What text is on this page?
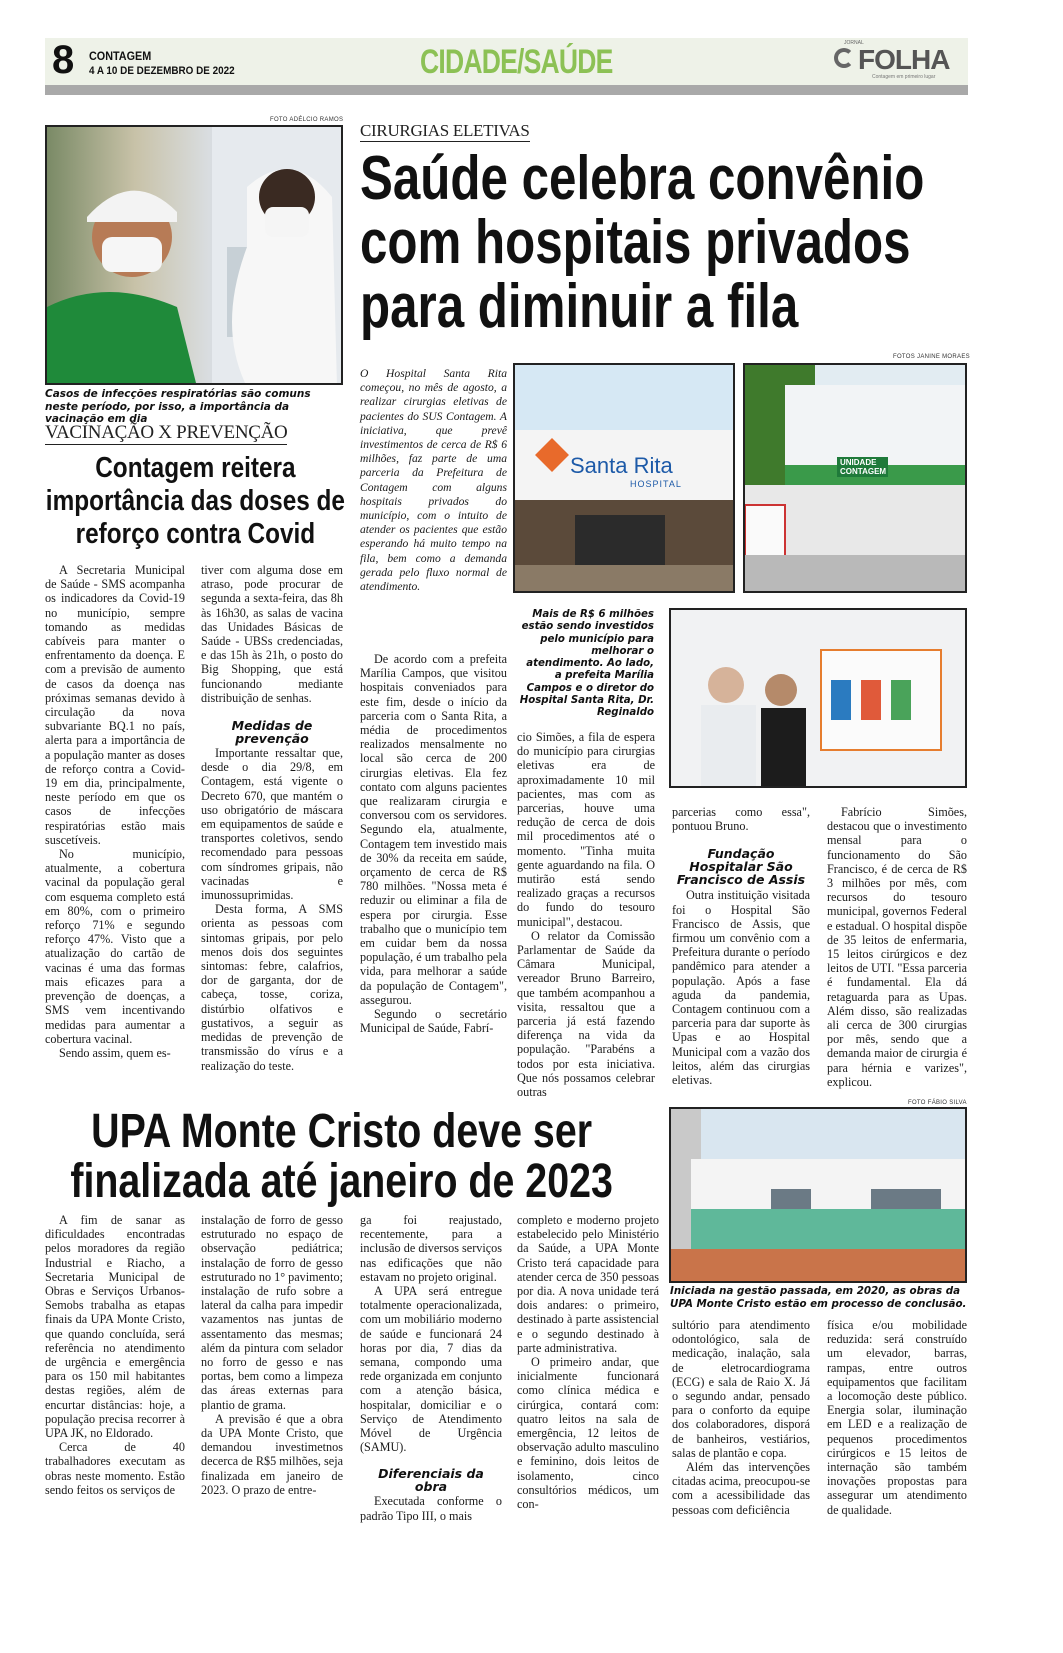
8 CONTAGEM
4 A 10 DE DEZEMBRO DE 2022	CIDADE/SAÚDE	JORNAL
FOLHA
Contagem em primeiro lugar
FOTO ADÉLCIO RAMOS
Casos de infecções respiratórias são comuns neste período, por isso, a importância da vacinação em dia
VACINAÇÃO X PREVENÇÃO
Contagem reitera importância das doses de reforço contra Covid

A Secretaria Municipal de Saúde - SMS acompanha os indicadores da Covid-19 no município, sempre tomando as medidas cabíveis para manter o enfrentamento da doença. E com a previsão de aumento de casos da doença nas próximas semanas devido à circulação da nova subvariante BQ.1 no país, alerta para a importância de a população manter as doses de reforço contra a Covid-19 em dia, principalmente, neste período em que os casos de infecções respiratórias estão mais suscetíveis.

No município, atualmente, a cobertura vacinal da população geral com esquema completo está em 80%, com o primeiro reforço 71% e segundo reforço 47%. Visto que a atualização do cartão de vacinas é uma das formas mais eficazes para a prevenção de doenças, a SMS vem incentivando medidas para aumentar a cobertura vacinal.

Sendo assim, quem es-

tiver com alguma dose em atraso, pode procurar de segunda a sexta-feira, das 8h às 16h30, as salas de vacina das Unidades Básicas de Saúde - UBSs credenciadas, e das 15h às 21h, o posto do Big Shopping, que está funcionando mediante distribuição de senhas.

Medidas de prevenção

Importante ressaltar que, desde o dia 29/8, em Contagem, está vigente o Decreto 670, que mantém o uso obrigatório de máscara em equipamentos de saúde e transportes coletivos, sendo recomendado para pessoas com síndromes gripais, não vacinadas e imunossuprimidas.

Desta forma, A SMS orienta as pessoas com sintomas gripais, por pelo menos dois dos seguintes sintomas: febre, calafrios, dor de garganta, dor de cabeça, tosse, coriza, distúrbio olfativos e gustativos, a seguir as medidas de prevenção de transmissão do vírus e a realização do teste.

CIRURGIAS ELETIVAS
Saúde celebra convênio com hospitais privados para diminuir a fila
FOTOS JANINE MORAES
Santa Rita
HOSPITAL
UNIDADE CONTAGEM

O Hospital Santa Rita começou, no mês de agosto, a realizar cirurgias eletivas de pacientes do SUS Contagem. A iniciativa, que prevê investimentos de cerca de R$ 6 milhões, faz parte de uma parceria da Prefeitura de Contagem com alguns hospitais privados do município, com o intuito de atender os pacientes que estão esperando há muito tempo na fila, bem como a demanda gerada pelo fluxo normal de atendimento.

De acordo com a prefeita Marília Campos, que visitou hospitais conveniados para este fim, desde o início da parceria com o Santa Rita, a média de procedimentos realizados mensalmente no local são cerca de 200 cirurgias eletivas. Ela fez contato com alguns pacientes que realizaram cirurgia e conversou com os servidores. Segundo ela, atualmente, Contagem tem investido mais de 30% da receita em saúde, orçamento de cerca de R$ 780 milhões. "Nossa meta é reduzir ou eliminar a fila de espera por cirurgia. Esse trabalho que o município tem em cuidar bem da nossa população, é um trabalho pela vida, para melhorar a saúde da população de Contagem", assegurou.

Segundo o secretário Municipal de Saúde, Fabrí-

Mais de R$ 6 milhões estão sendo investidos pelo município para melhorar o atendimento. Ao lado, a prefeita Marília Campos e o diretor do Hospital Santa Rita, Dr. Reginaldo

cio Simões, a fila de espera do município para cirurgias eletivas era de aproximadamente 10 mil pacientes, mas com as parcerias, houve uma redução de cerca de dois mil procedimentos até o momento. "Tinha muita gente aguardando na fila. O mutirão está sendo realizado graças a recursos do fundo do tesouro municipal", destacou.

O relator da Comissão Parlamentar de Saúde da Câmara Municipal, vereador Bruno Barreiro, que também acompanhou a visita, ressaltou que a parceria já está fazendo diferença na vida da população. "Parabéns a todos por esta iniciativa. Que nós possamos celebrar outras

parcerias como essa", pontuou Bruno.

Fundação Hospitalar São Francisco de Assis

Outra instituição visitada foi o Hospital São Francisco de Assis, que firmou um convênio com a Prefeitura durante o período pandêmico para atender a população. Após a fase aguda da pandemia, Contagem continuou com a parceria para dar suporte às Upas e ao Hospital Municipal com a vazão dos leitos, além das cirurgias eletivas.

Fabrício Simões, destacou que o investimento mensal para o funcionamento do São Francisco, é de cerca de R$ 3 milhões por mês, com recursos do tesouro municipal, governos Federal e estadual. O hospital dispõe de 35 leitos de enfermaria, 15 leitos cirúrgicos e dez leitos de UTI. "Essa parceria é fundamental. Ela dá retaguarda para as Upas. Além disso, são realizadas ali cerca de 300 cirurgias por mês, sendo que a demanda maior de cirurgia é para hérnia e varizes", explicou.

UPA Monte Cristo deve ser finalizada até janeiro de 2023
FOTO FÁBIO SILVA
Iniciada na gestão passada, em 2020, as obras da UPA Monte Cristo estão em processo de conclusão.

A fim de sanar as dificuldades encontradas pelos moradores da região Industrial e Riacho, a Secretaria Municipal de Obras e Serviços Urbanos-Semobs trabalha as etapas finais da UPA Monte Cristo, que quando concluída, será referência no atendimento de urgência e emergência para os 150 mil habitantes destas regiões, além de encurtar distâncias: hoje, a população precisa recorrer à UPA JK, no Eldorado.

Cerca de 40 trabalhadores executam as obras neste momento. Estão sendo feitos os serviços de

instalação de forro de gesso estruturado no espaço de observação pediátrica; instalação de forro de gesso estruturado no 1° pavimento; instalação de rufo sobre a lateral da calha para impedir vazamentos nas juntas de assentamento das mesmas; além da pintura com selador no forro de gesso e nas portas, bem como a limpeza das áreas externas para plantio de grama.

A previsão é que a obra da UPA Monte Cristo, que demandou investimetnos decerca de R$5 milhões, seja finalizada em janeiro de 2023. O prazo de entre-

ga foi reajustado, recentemente, para a inclusão de diversos serviços nas edificações que não estavam no projeto original.

A UPA será entregue totalmente operacionalizada, com um mobiliário moderno de saúde e funcionará 24 horas por dia, 7 dias da semana, compondo uma rede organizada em conjunto com a atenção básica, hospitalar, domiciliar e o Serviço de Atendimento Móvel de Urgência (SAMU).

Diferenciais da obra

Executada conforme o padrão Tipo III, o mais

completo e moderno projeto estabelecido pelo Ministério da Saúde, a UPA Monte Cristo terá capacidade para atender cerca de 350 pessoas por dia. A nova unidade terá dois andares: o primeiro, destinado à parte assistencial e o segundo destinado à parte administrativa.

O primeiro andar, que inicialmente funcionará como clínica médica e cirúrgica, contará com: quatro leitos na sala de emergência, 12 leitos de observação adulto masculino e feminino, dois leitos de isolamento, cinco consultórios médicos, um con-

sultório para atendimento odontológico, sala de medicação, inalação, sala de eletrocardiograma (ECG) e sala de Raio X. Já o segundo andar, pensado para o conforto da equipe dos colaboradores, disporá de banheiros, vestiários, salas de plantão e copa.

Além das intervenções citadas acima, preocupou-se com a acessibilidade das pessoas com deficiência

física e/ou mobilidade reduzida: será construído um elevador, barras, rampas, entre outros equipamentos que facilitam a locomoção deste público. Energia solar, iluminação em LED e a realização de pequenos procedimentos cirúrgicos e 15 leitos de internação são também inovações propostas para assegurar um atendimento de qualidade.
